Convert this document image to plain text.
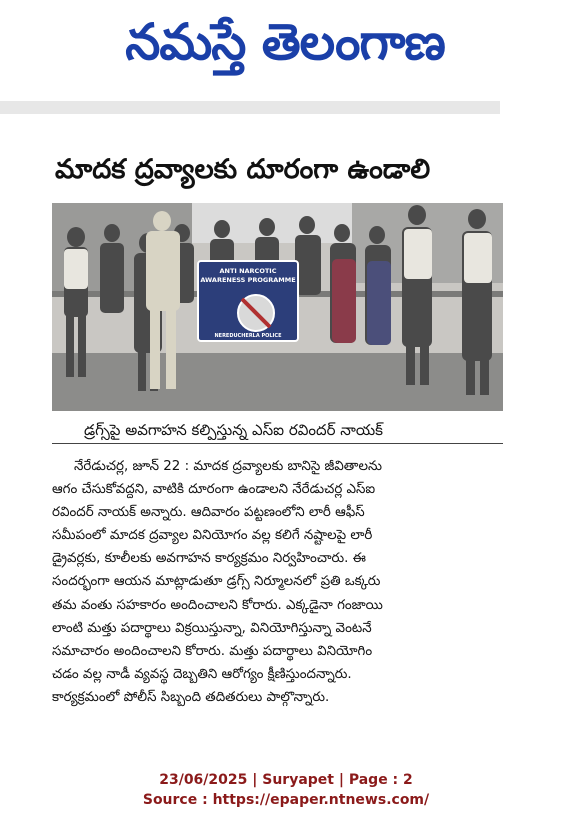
నమస్తే తెలంగాణ
మాదక ద్రవ్యాలకు దూరంగా ఉండాలి
ANTI NARCOTIC
AWARENESS PROGRAMME
NEREDUCHERLA POLICE
డ్రగ్స్‌పై అవగాహన కల్పిస్తున్న ఎస్‌ఐ రవిందర్ నాయక్
నేరేడుచర్ల, జూన్ 22 : మాదక ద్రవ్యాలకు బానిసై జీవితాలను
ఆగం చేసుకోవద్దని, వాటికి దూరంగా ఉండాలని నేరేడుచర్ల ఎస్‌ఐ
రవిందర్ నాయక్ అన్నారు. ఆదివారం పట్టణంలోని లారీ ఆఫీస్
సమీపంలో మాదక ద్రవ్యాల వినియోగం వల్ల కలిగే నష్టాలపై లారీ
డ్రైవర్లకు, కూలీలకు అవగాహన కార్యక్రమం నిర్వహించారు. ఈ
సందర్భంగా ఆయన మాట్లాడుతూ డ్రగ్స్ నిర్మూలనలో ప్రతి ఒక్కరు
తమ వంతు సహకారం అందించాలని కోరారు. ఎక్కడైనా గంజాయి
లాంటి మత్తు పదార్థాలు విక్రయిస్తున్నా, వినియోగిస్తున్నా వెంటనే
సమాచారం అందించాలని కోరారు. మత్తు పదార్థాలు వినియోగిం
చడం వల్ల నాడీ వ్యవస్థ దెబ్బతిని ఆరోగ్యం క్షీణిస్తుందన్నారు.
కార్యక్రమంలో పోలీస్ సిబ్బంది తదితరులు పాల్గొన్నారు.
23/06/2025 | Suryapet | Page : 2
Source : https://epaper.ntnews.com/
